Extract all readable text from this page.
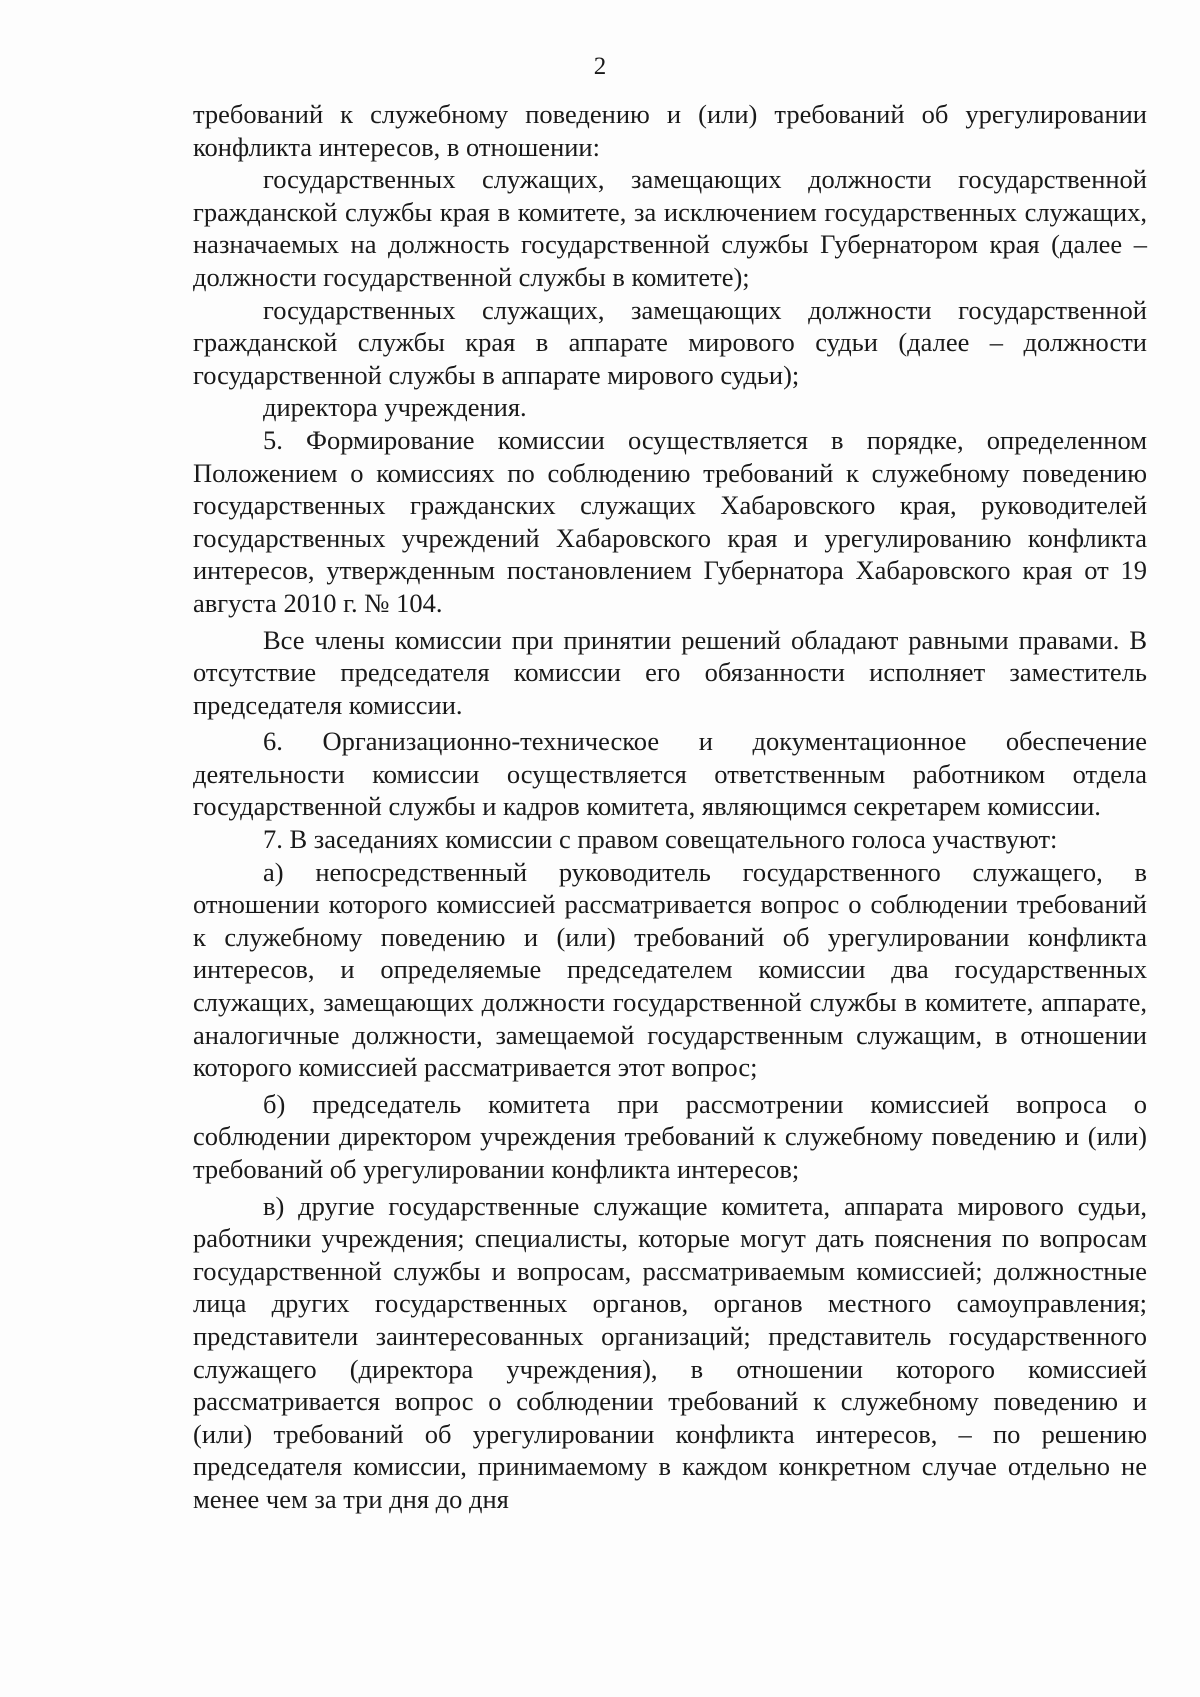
2

требований к служебному поведению и (или) требований об урегулировании конфликта интересов, в отношении:

государственных служащих, замещающих должности государственной гражданской службы края в комитете, за исключением государственных служащих, назначаемых на должность государственной службы Губернатором края (далее – должности государственной службы в комитете);

государственных служащих, замещающих должности государственной гражданской службы края в аппарате мирового судьи (далее – должности государственной службы в аппарате мирового судьи);

директора учреждения.

5. Формирование комиссии осуществляется в порядке, определенном Положением о комиссиях по соблюдению требований к служебному поведению государственных гражданских служащих Хабаровского края, руководителей государственных учреждений Хабаровского края и урегулированию конфликта интересов, утвержденным постановлением Губернатора Хабаровского края от 19 августа 2010 г. № 104.

Все члены комиссии при принятии решений обладают равными правами. В отсутствие председателя комиссии его обязанности исполняет заместитель председателя комиссии.

6. Организационно-техническое и документационное обеспечение деятельности комиссии осуществляется ответственным работником отдела государственной службы и кадров комитета, являющимся секретарем комиссии.

7. В заседаниях комиссии с правом совещательного голоса участвуют:

а) непосредственный руководитель государственного служащего, в отношении которого комиссией рассматривается вопрос о соблюдении требований к служебному поведению и (или) требований об урегулировании конфликта интересов, и определяемые председателем комиссии два государственных служащих, замещающих должности государственной службы в комитете, аппарате, аналогичные должности, замещаемой государственным служащим, в отношении которого комиссией рассматривается этот вопрос;

б) председатель комитета при рассмотрении комиссией вопроса о соблюдении директором учреждения требований к служебному поведению и (или) требований об урегулировании конфликта интересов;

в) другие государственные служащие комитета, аппарата мирового судьи, работники учреждения; специалисты, которые могут дать пояснения по вопросам государственной службы и вопросам, рассматриваемым комиссией; должностные лица других государственных органов, органов местного самоуправления; представители заинтересованных организаций; представитель государственного служащего (директора учреждения), в отношении которого комиссией рассматривается вопрос о соблюдении требований к служебному поведению и (или) требований об урегулировании конфликта интересов, – по решению председателя комиссии, принимаемому в каждом конкретном случае отдельно не менее чем за три дня до дня
